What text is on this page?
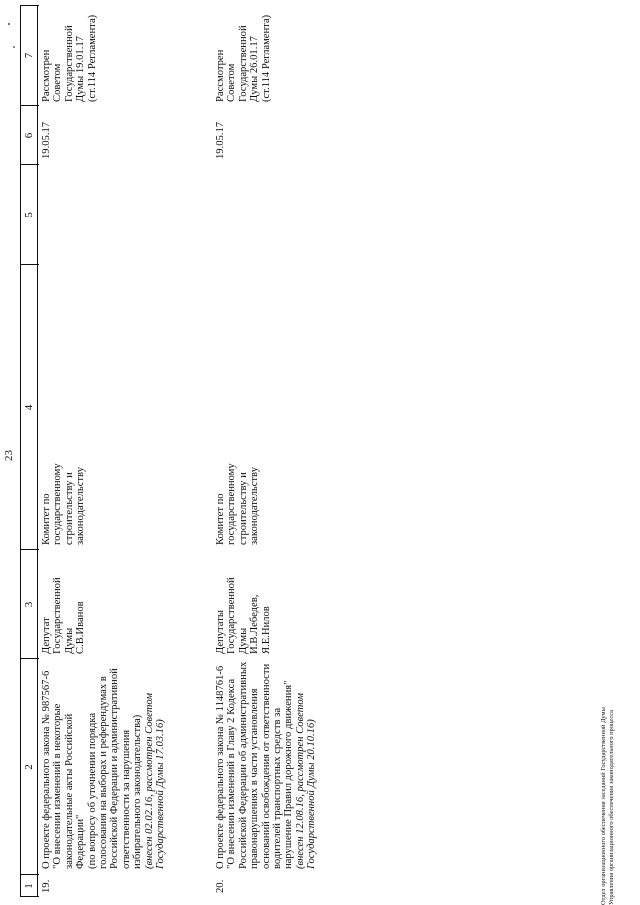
23
1
2
3
4
5
6
7
19.
О проекте федерального закона № 987567-6 "О внесении изменений в некоторые законодательные акты Российской Федерации" (по вопросу об уточнении порядка голосования на выборах и референдумах в Российской Федерации и административной ответственности за нарушения избирательного законодательства) (внесен 02.02.16, рассмотрен Советом Государственной Думы 17.03.16)
Депутат Государственной Думы С.В.Иванов
Комитет по государственному строительству и законодательству
19.05.17
Рассмотрен Советом Государственной Думы 19.01.17 (ст.114 Регламента)
20.
О проекте федерального закона № 1148761-6 "О внесении изменений в Главу 2 Кодекса Российской Федерации об административных правонарушениях в части установления оснований освобождения от ответственности водителей транспортных средств за нарушение Правил дорожного движения" (внесен 12.08.16, рассмотрен Советом Государственной Думы 20.10.16)
Депутаты Государственной Думы И.В.Лебедев, Я.Е.Нилов
Комитет по государственному строительству и законодательству
19.05.17
Рассмотрен Советом Государственной Думы 26.01.17 (ст.114 Регламента)
Отдел организационного обеспечения заседаний Государственной Думы Управления организационного обеспечения законодательного процесса
